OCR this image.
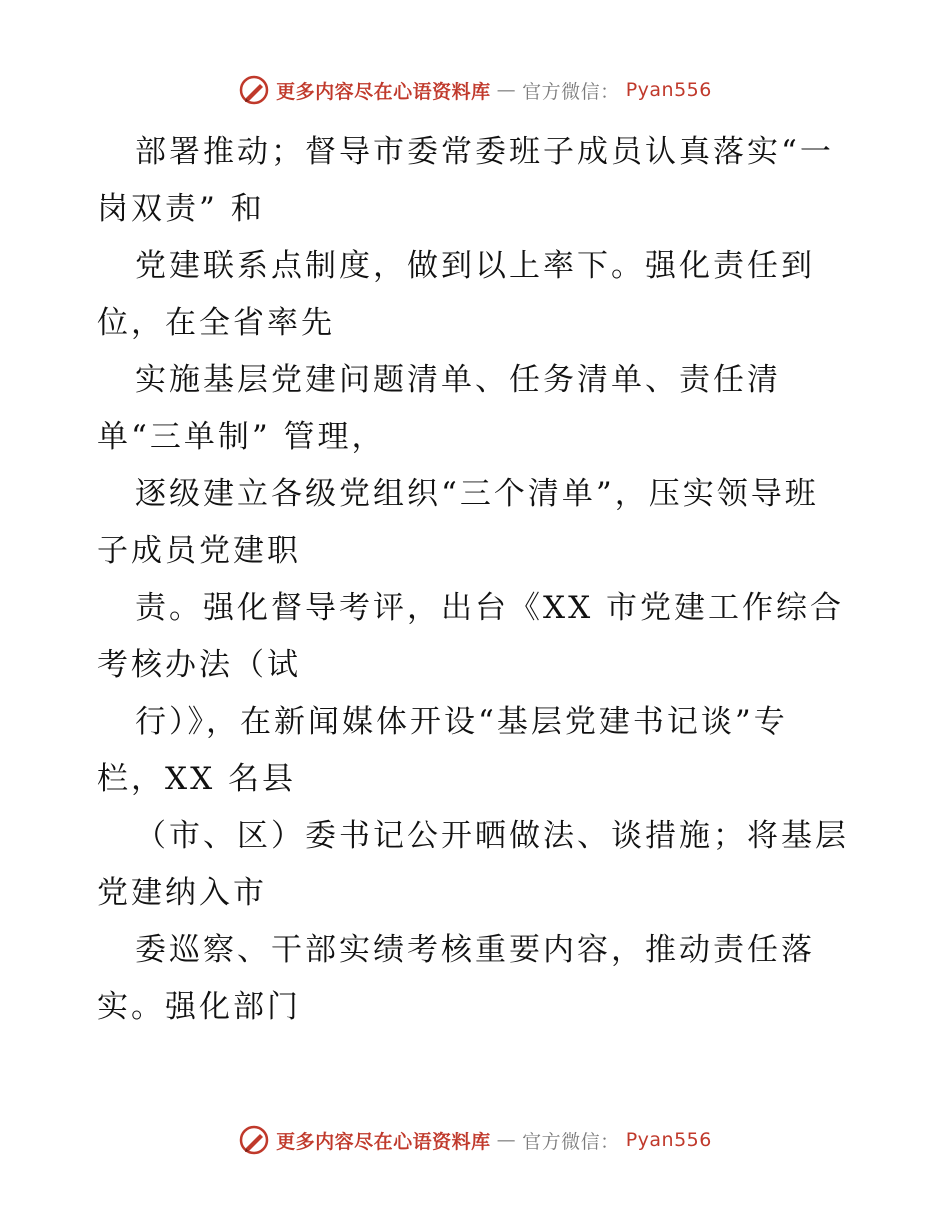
更多内容尽在心语资料库 — 官方微信： Pyan556
部署推动；督导市委常委班子成员认真落实“一
岗双责” 和
党建联系点制度，做到以上率下。强化责任到
位，在全省率先
实施基层党建问题清单、任务清单、责任清
单“三单制” 管理，
逐级建立各级党组织“三个清单”，压实领导班
子成员党建职
责。强化督导考评，出台《XX 市党建工作综合
考核办法（试
行）》，在新闻媒体开设“基层党建书记谈”专
栏，XX 名县
（市、区）委书记公开晒做法、谈措施；将基层
党建纳入市
委巡察、干部实绩考核重要内容，推动责任落
实。强化部门
更多内容尽在心语资料库 — 官方微信： Pyan556
